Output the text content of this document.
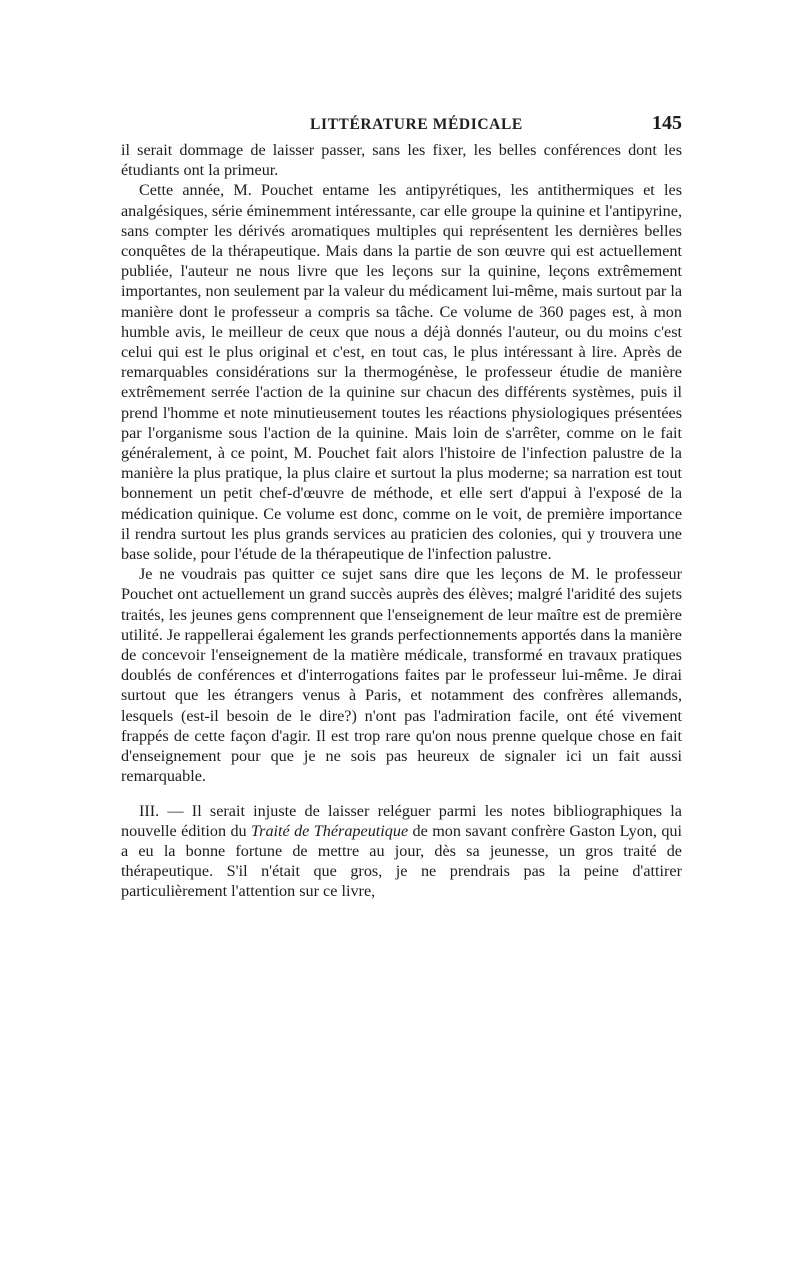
LITTÉRATURE MÉDICALE	145

il serait dommage de laisser passer, sans les fixer, les belles conférences dont les étudiants ont la primeur.

Cette année, M. Pouchet entame les antipyrétiques, les antithermiques et les analgésiques, série éminemment intéressante, car elle groupe la quinine et l'antipyrine, sans compter les dérivés aromatiques multiples qui représentent les dernières belles conquêtes de la thérapeutique. Mais dans la partie de son œuvre qui est actuellement publiée, l'auteur ne nous livre que les leçons sur la quinine, leçons extrêmement importantes, non seulement par la valeur du médicament lui-même, mais surtout par la manière dont le professeur a compris sa tâche. Ce volume de 360 pages est, à mon humble avis, le meilleur de ceux que nous a déjà donnés l'auteur, ou du moins c'est celui qui est le plus original et c'est, en tout cas, le plus intéressant à lire. Après de remarquables considérations sur la thermogénèse, le professeur étudie de manière extrêmement serrée l'action de la quinine sur chacun des différents systèmes, puis il prend l'homme et note minutieusement toutes les réactions physiologiques présentées par l'organisme sous l'action de la quinine. Mais loin de s'arrêter, comme on le fait généralement, à ce point, M. Pouchet fait alors l'histoire de l'infection palustre de la manière la plus pratique, la plus claire et surtout la plus moderne; sa narration est tout bonnement un petit chef-d'œuvre de méthode, et elle sert d'appui à l'exposé de la médication quinique. Ce volume est donc, comme on le voit, de première importance il rendra surtout les plus grands services au praticien des colonies, qui y trouvera une base solide, pour l'étude de la thérapeutique de l'infection palustre.

Je ne voudrais pas quitter ce sujet sans dire que les leçons de M. le professeur Pouchet ont actuellement un grand succès auprès des élèves; malgré l'aridité des sujets traités, les jeunes gens comprennent que l'enseignement de leur maître est de première utilité. Je rappellerai également les grands perfectionnements apportés dans la manière de concevoir l'enseignement de la matière médicale, transformé en travaux pratiques doublés de conférences et d'interrogations faites par le professeur lui-même. Je dirai surtout que les étrangers venus à Paris, et notamment des confrères allemands, lesquels (est-il besoin de le dire?) n'ont pas l'admiration facile, ont été vivement frappés de cette façon d'agir. Il est trop rare qu'on nous prenne quelque chose en fait d'enseignement pour que je ne sois pas heureux de signaler ici un fait aussi remarquable.

III. — Il serait injuste de laisser reléguer parmi les notes bibliographiques la nouvelle édition du Traité de Thérapeutique de mon savant confrère Gaston Lyon, qui a eu la bonne fortune de mettre au jour, dès sa jeunesse, un gros traité de thérapeutique. S'il n'était que gros, je ne prendrais pas la peine d'attirer particulièrement l'attention sur ce livre,
